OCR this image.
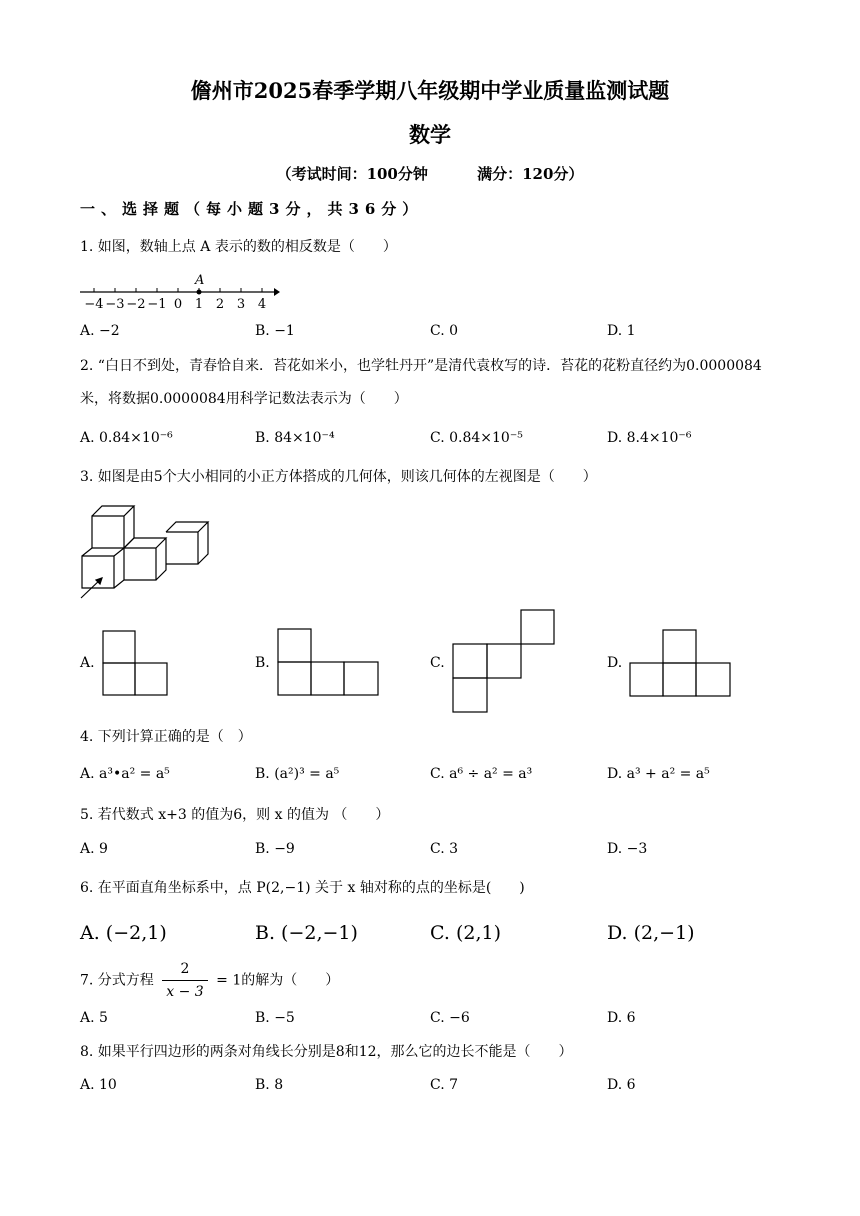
儋州市2025春季学期八年级期中学业质量监测试题
数学
（考试时间：100分钟	满分：120分）
一、选择题（每小题3分，共36分）
1. 如图，数轴上点 A 表示的数的相反数是（　　）
−4 −3 −2 −1 0 1 2 3 4
A
A. −2	B. −1	C. 0	D. 1
2. “白日不到处，青春恰自来．苔花如米小，也学牡丹开”是清代袁枚写的诗．苔花的花粉直径约为0.0000084
米，将数据0.0000084用科学记数法表示为（　　）
A. 0.84×10⁻⁶	B. 84×10⁻⁴	C. 0.84×10⁻⁵	D. 8.4×10⁻⁶
3. 如图是由5个大小相同的小正方体搭成的几何体，则该几何体的左视图是（　　）
A.	B.	C.	D.
4. 下列计算正确的是（　）
A. a³•a² = a⁵	B. (a²)³ = a⁵	C. a⁶ ÷ a² = a³	D. a³ + a² = a⁵
5. 若代数式 x+3 的值为6，则 x 的值为 （　　）
A. 9	B. −9	C. 3	D. −3
6. 在平面直角坐标系中，点 P(2,−1) 关于 x 轴对称的点的坐标是(　　)
A. (−2,1)	B. (−2,−1)	C. (2,1)	D. (2,−1)
7. 分式方程 $\frac{2}{x - 3} = 1$的解为（　　）
A. 5	B. −5	C. −6	D. 6
8. 如果平行四边形的两条对角线长分别是8和12，那么它的边长不能是（　　）
A. 10	B. 8	C. 7	D. 6
